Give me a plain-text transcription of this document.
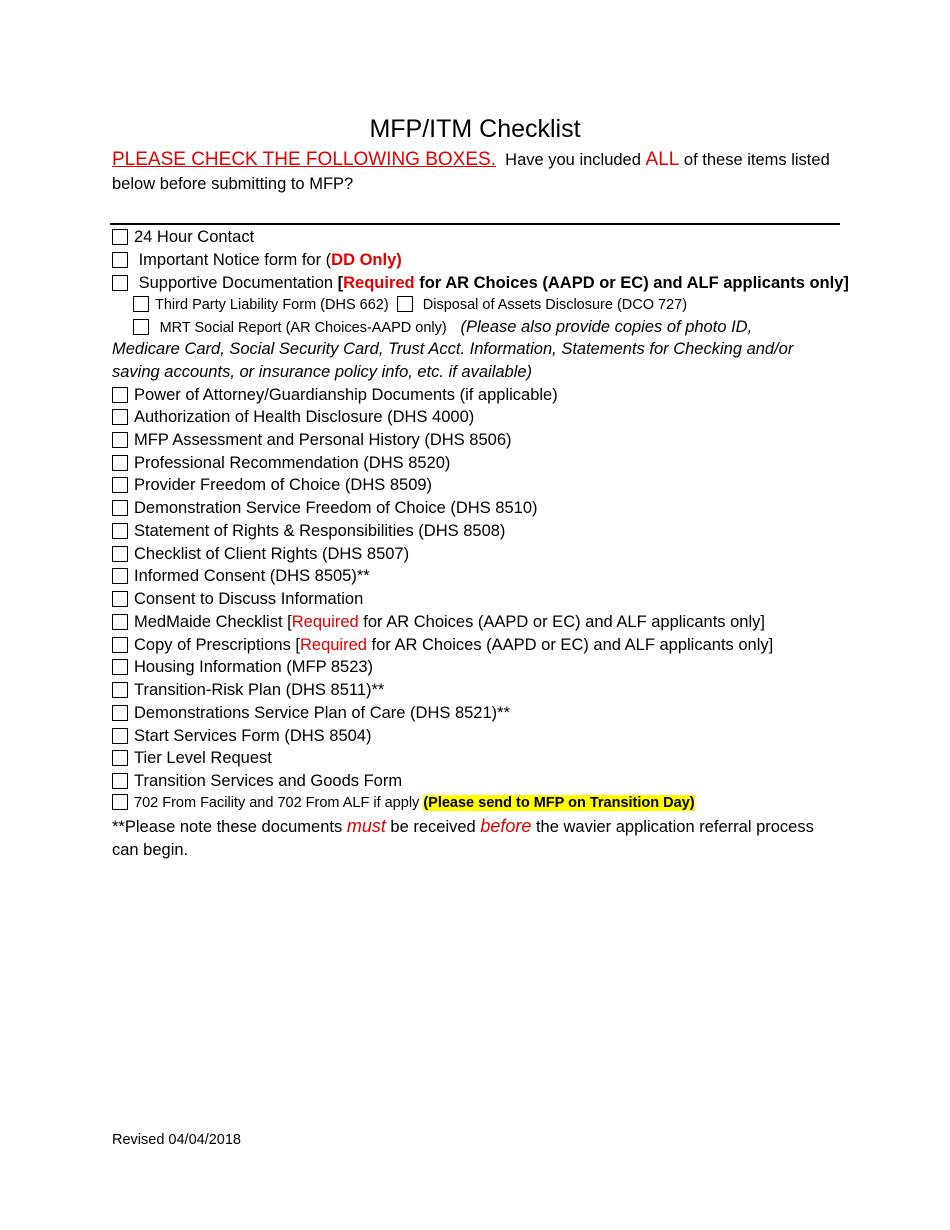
MFP/ITM Checklist
PLEASE CHECK THE FOLLOWING BOXES. Have you included ALL of these items listed below before submitting to MFP?
24 Hour Contact
Important Notice form for (DD Only)
Supportive Documentation [Required for AR Choices (AAPD or EC) and ALF applicants only]
Third Party Liability Form (DHS 662) Disposal of Assets Disclosure (DCO 727)
MRT Social Report (AR Choices-AAPD only) (Please also provide copies of photo ID,
Medicare Card, Social Security Card, Trust Acct. Information, Statements for Checking and/or
saving accounts, or insurance policy info, etc. if available)
Power of Attorney/Guardianship Documents (if applicable)
Authorization of Health Disclosure (DHS 4000)
MFP Assessment and Personal History (DHS 8506)
Professional Recommendation (DHS 8520)
Provider Freedom of Choice (DHS 8509)
Demonstration Service Freedom of Choice (DHS 8510)
Statement of Rights & Responsibilities (DHS 8508)
Checklist of Client Rights (DHS 8507)
Informed Consent (DHS 8505)**
Consent to Discuss Information
MedMaide Checklist [Required for AR Choices (AAPD or EC) and ALF applicants only]
Copy of Prescriptions [Required for AR Choices (AAPD or EC) and ALF applicants only]
Housing Information (MFP 8523)
Transition-Risk Plan (DHS 8511)**
Demonstrations Service Plan of Care (DHS 8521)**
Start Services Form (DHS 8504)
Tier Level Request
Transition Services and Goods Form
702 From Facility and 702 From ALF if apply (Please send to MFP on Transition Day)
**Please note these documents must be received before the wavier application referral process can begin.
Revised 04/04/2018
